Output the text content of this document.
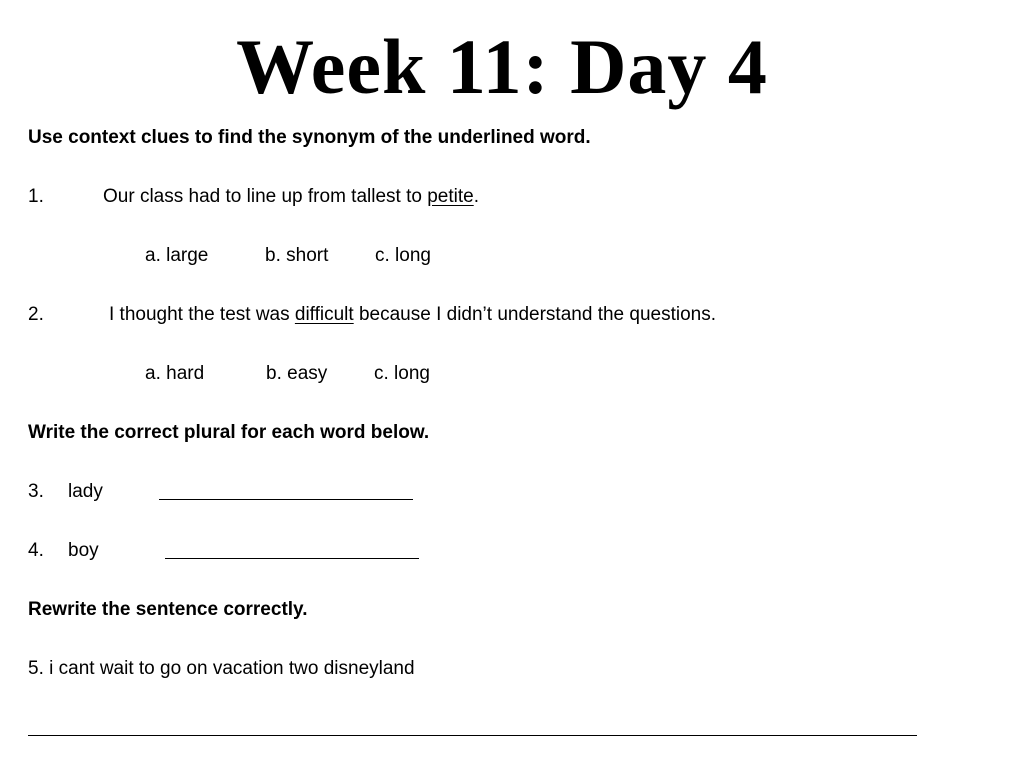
Week 11: Day 4
Use context clues to find the synonym of the underlined word.
1.	Our class had to line up from tallest to petite.
a. large	b. short c. long
2.	I thought the test was difficult because I didn’t understand the questions.
a. hard	b. easy c. long
Write the correct plural for each word below.
3. lady
4. boy
Rewrite the sentence correctly.
5. i cant wait to go on vacation two disneyland
